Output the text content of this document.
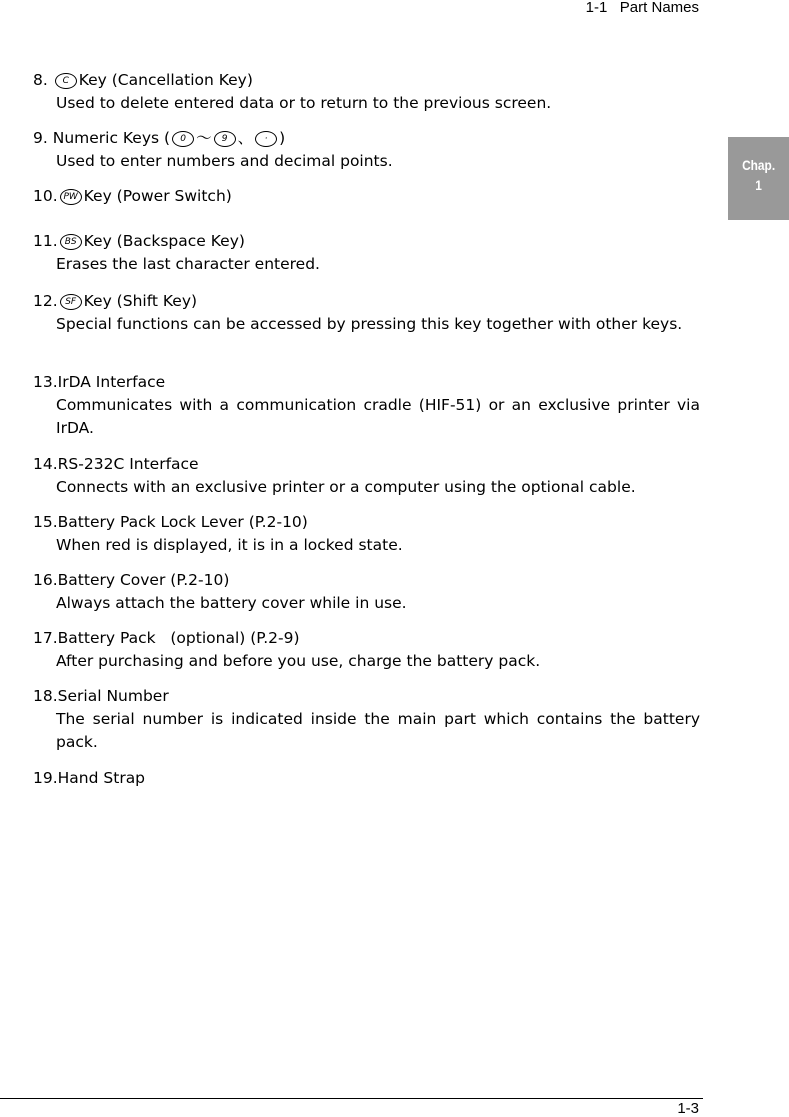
1-1   Part Names
Chap.
1
8. C Key (Cancellation Key)
Used to delete entered data or to return to the previous screen.
9. Numeric Keys ( 0 ～ 9 、 · )
Used to enter numbers and decimal points.
10. PW Key (Power Switch)
11. BS Key (Backspace Key)
Erases the last character entered.
12. SF Key (Shift Key)
Special functions can be accessed by pressing this key together with other keys.
13.IrDA Interface
Communicates with a communication cradle (HIF-51) or an exclusive printer via IrDA.
14.RS-232C Interface
Connects with an exclusive printer or a computer using the optional cable.
15.Battery Pack Lock Lever (P.2-10)
When red is displayed, it is in a locked state.
16.Battery Cover (P.2-10)
Always attach the battery cover while in use.
17.Battery Pack   (optional) (P.2-9)
After purchasing and before you use, charge the battery pack.
18.Serial Number
The serial number is indicated inside the main part which contains the battery pack.
19.Hand Strap
1-3
